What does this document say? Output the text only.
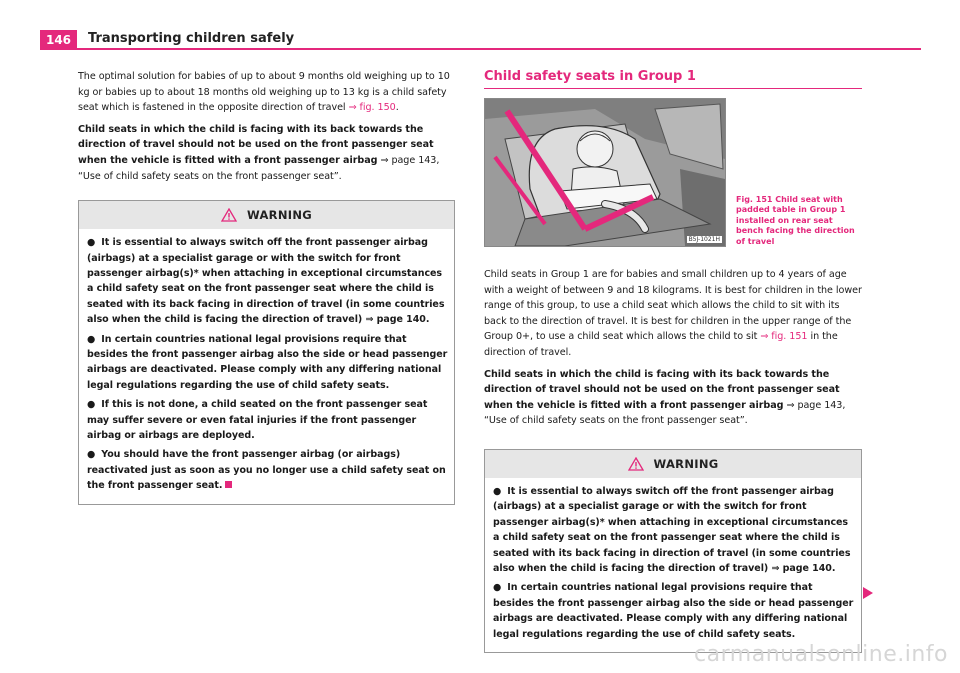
146	Transporting children safely

The optimal solution for babies of up to about 9 months old weighing up to 10 kg or babies up to about 18 months old weighing up to 13 kg is a child safety seat which is fastened in the opposite direction of travel ⇒ fig. 150.

Child seats in which the child is facing with its back towards the direction of travel should not be used on the front passenger seat when the vehicle is fitted with a front passenger airbag ⇒ page 143, “Use of child safety seats on the front passenger seat”.

WARNING

● It is essential to always switch off the front passenger airbag (airbags) at a specialist garage or with the switch for front passenger airbag(s)* when attaching in exceptional circumstances a child safety seat on the front passenger seat where the child is seated with its back facing in direction of travel (in some countries also when the child is facing the direction of travel) ⇒ page 140.

● In certain countries national legal provisions require that besides the front passenger airbag also the side or head passenger airbags are deactivated. Please comply with any differing national legal regulations regarding the use of child safety seats.

● If this is not done, a child seated on the front passenger seat may suffer severe or even fatal injuries if the front passenger airbag or airbags are deployed.

● You should have the front passenger airbag (or airbags) reactivated just as soon as you no longer use a child safety seat on the front passenger seat.

Child safety seats in Group 1
B5J-1021H
Fig. 151 Child seat with padded table in Group 1 installed on rear seat bench facing the direction of travel

Child seats in Group 1 are for babies and small children up to 4 years of age with a weight of between 9 and 18 kilograms. It is best for children in the lower range of this group, to use a child seat which allows the child to sit with its back to the direction of travel. It is best for children in the upper range of the Group 0+, to use a child seat which allows the child to sit ⇒ fig. 151 in the direction of travel.

Child seats in which the child is facing with its back towards the direction of travel should not be used on the front passenger seat when the vehicle is fitted with a front passenger airbag ⇒ page 143, “Use of child safety seats on the front passenger seat”.

WARNING

● It is essential to always switch off the front passenger airbag (airbags) at a specialist garage or with the switch for front passenger airbag(s)* when attaching in exceptional circumstances a child safety seat on the front passenger seat where the child is seated with its back facing in direction of travel (in some countries also when the child is facing the direction of travel) ⇒ page 140.

● In certain countries national legal provisions require that besides the front passenger airbag also the side or head passenger airbags are deactivated. Please comply with any differing national legal regulations regarding the use of child safety seats.

carmanualsonline.info
